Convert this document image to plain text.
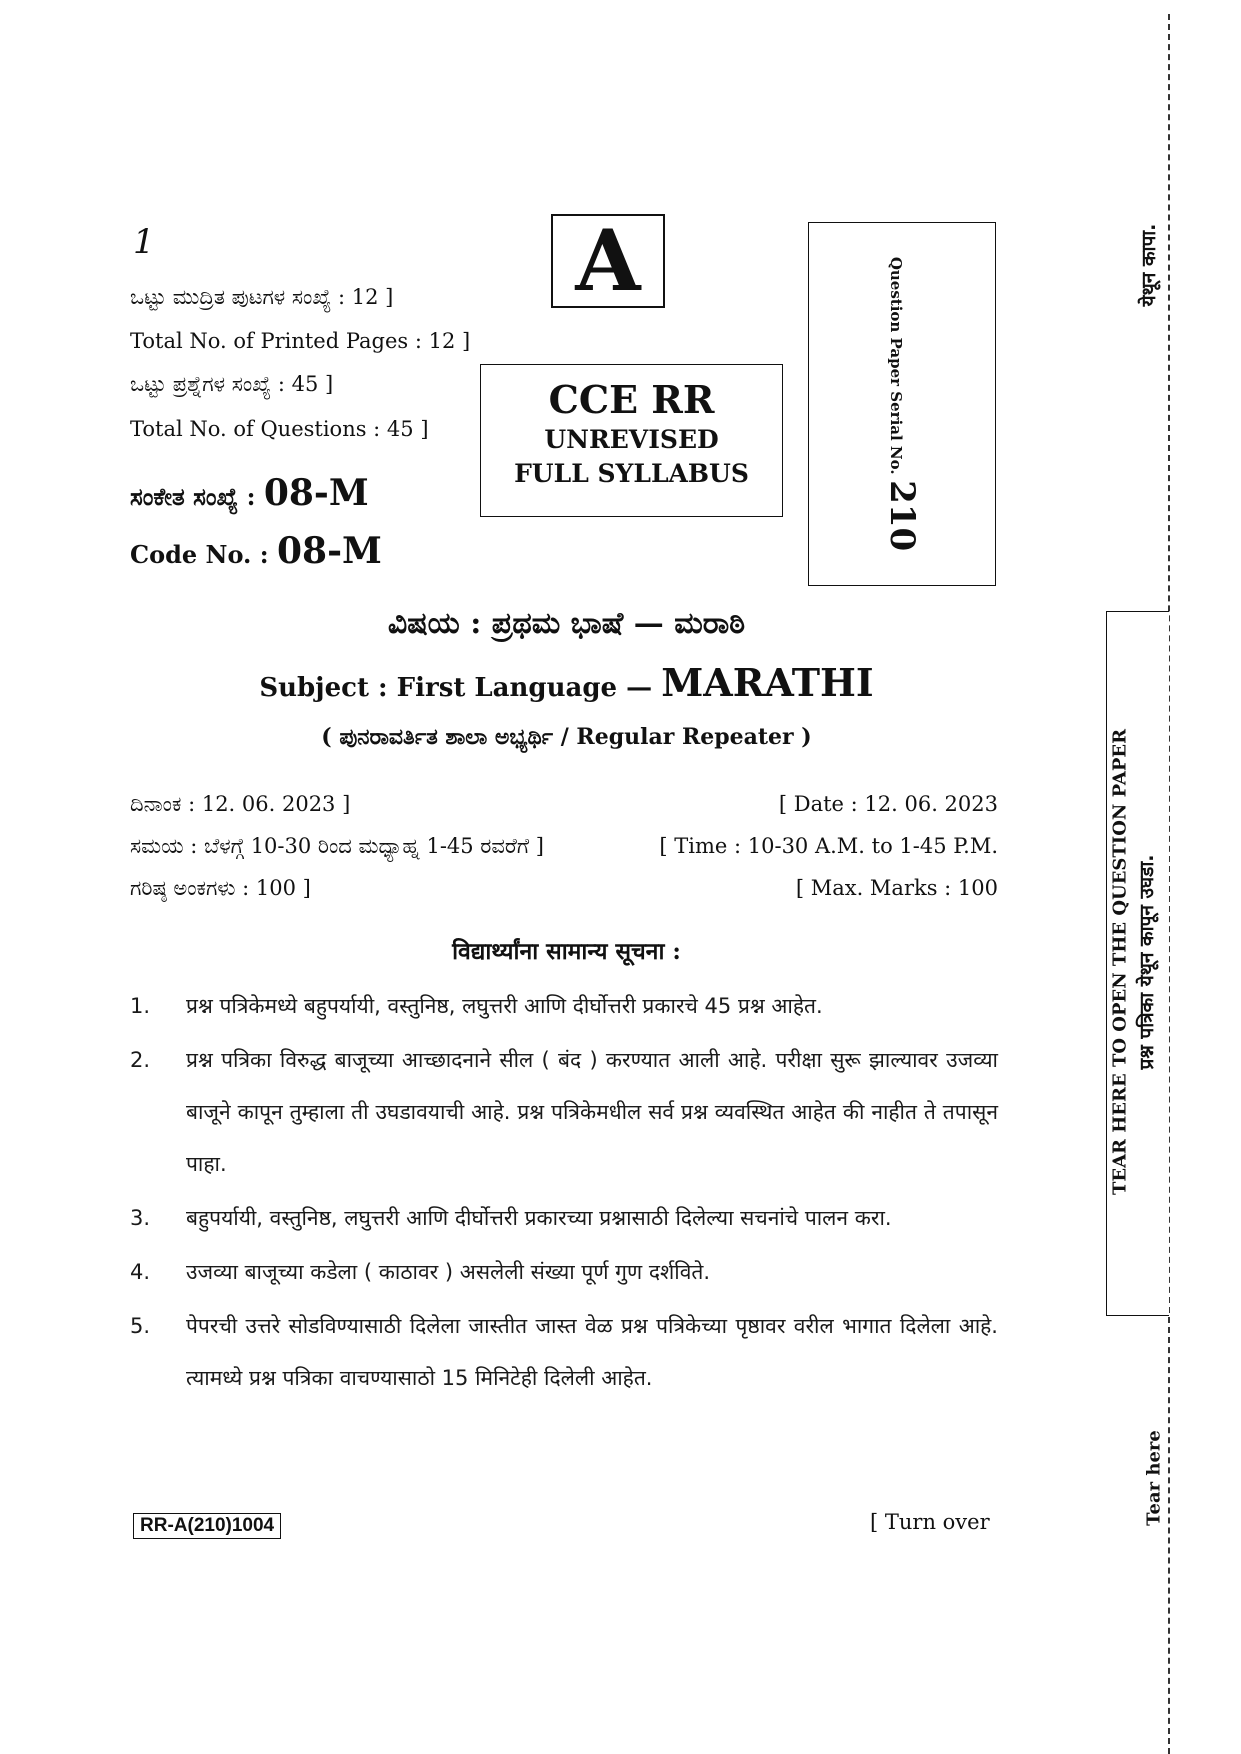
1
ಒಟ್ಟು ಮುದ್ರಿತ ಪುಟಗಳ ಸಂಖ್ಯೆ : 12 ]
Total No. of Printed Pages : 12 ]
ಒಟ್ಟು ಪ್ರಶ್ನೆಗಳ ಸಂಖ್ಯೆ : 45 ]
Total No. of Questions : 45 ]
ಸಂಕೇತ ಸಂಖ್ಯೆ : 08-M
Code No. : 08-M
A
CCE RR
UNREVISED
FULL SYLLABUS	Question Paper Serial No. 210
ವಿಷಯ : ಪ್ರಥಮ ಭಾಷೆ — ಮರಾಠಿ
Subject : First Language — MARATHI
( ಪುನರಾವರ್ತಿತ ಶಾಲಾ ಅಭ್ಯರ್ಥಿ / Regular Repeater )
ದಿನಾಂಕ : 12. 06. 2023 ]	[ Date : 12. 06. 2023
ಸಮಯ : ಬೆಳಗ್ಗೆ 10-30 ರಿಂದ ಮಧ್ಯಾಹ್ನ 1-45 ರವರೆಗೆ ]	[ Time : 10-30 A.M. to 1-45 P.M.
ಗರಿಷ್ಠ ಅಂಕಗಳು : 100 ]	[ Max. Marks : 100
विद्यार्थ्यांना सामान्य सूचना :
1.	प्रश्न पत्रिकेमध्ये बहुपर्यायी, वस्तुनिष्ठ, लघुत्तरी आणि दीर्घोत्तरी प्रकारचे 45 प्रश्न आहेत.
2.	प्रश्न पत्रिका विरुद्ध बाजूच्या आच्छादनाने सील ( बंद ) करण्यात आली आहे. परीक्षा सुरू झाल्यावर उजव्या बाजूने कापून तुम्हाला ती उघडावयाची आहे. प्रश्न पत्रिकेमधील सर्व प्रश्न व्यवस्थित आहेत की नाहीत ते तपासून पाहा.
3.	बहुपर्यायी, वस्तुनिष्ठ, लघुत्तरी आणि दीर्घोत्तरी प्रकारच्या प्रश्नासाठी दिलेल्या सचनांचे पालन करा.
4.	उजव्या बाजूच्या कडेला ( काठावर ) असलेली संख्या पूर्ण गुण दर्शविते.
5.	पेपरची उत्तरे सोडविण्यासाठी दिलेला जास्तीत जास्त वेळ प्रश्न पत्रिकेच्या पृष्ठावर वरील भागात दिलेला आहे. त्यामध्ये प्रश्न पत्रिका वाचण्यासाठो 15 मिनिटेही दिलेली आहेत.
RR-A(210)1004	[ Turn over
येथून कापा.
TEAR HERE TO OPEN THE QUESTION PAPER प्रश्न पत्रिका येथून कापून उघडा.
Tear here
